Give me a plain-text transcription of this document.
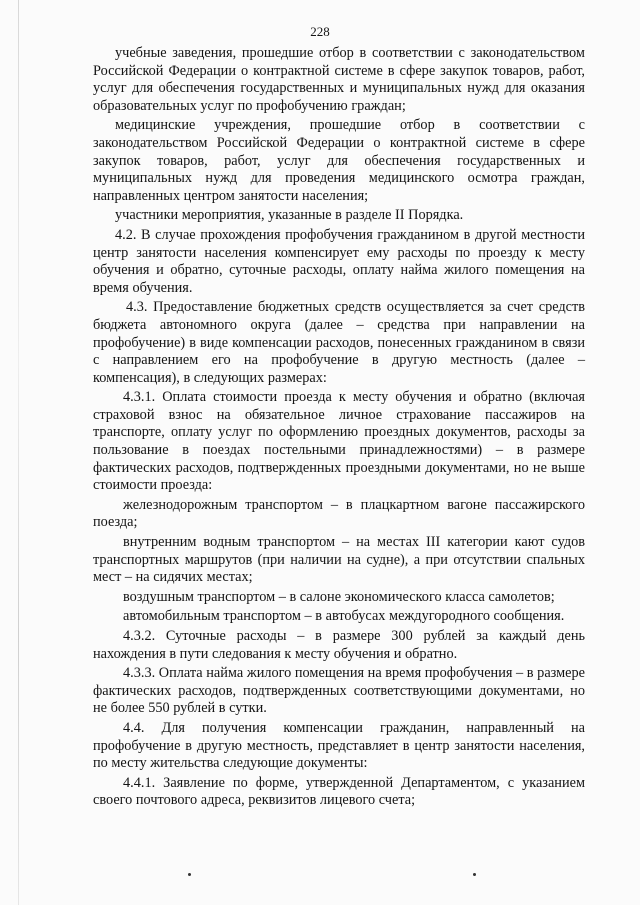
228

учебные заведения, прошедшие отбор в соответствии с законодательством Российской Федерации о контрактной системе в сфере закупок товаров, работ, услуг для обеспечения государственных и муниципальных нужд для оказания образовательных услуг по профобучению граждан;

медицинские учреждения, прошедшие отбор в соответствии с законодательством Российской Федерации о контрактной системе в сфере закупок товаров, работ, услуг для обеспечения государственных и муниципальных нужд для проведения медицинского осмотра граждан, направленных центром занятости населения;

участники мероприятия, указанные в разделе II Порядка.

4.2. В случае прохождения профобучения гражданином в другой местности центр занятости населения компенсирует ему расходы по проезду к месту обучения и обратно, суточные расходы, оплату найма жилого помещения на время обучения.

4.3. Предоставление бюджетных средств осуществляется за счет средств бюджета автономного округа (далее – средства при направлении на профобучение) в виде компенсации расходов, понесенных гражданином в связи с направлением его на профобучение в другую местность (далее – компенсация), в следующих размерах:

4.3.1. Оплата стоимости проезда к месту обучения и обратно (включая страховой взнос на обязательное личное страхование пассажиров на транспорте, оплату услуг по оформлению проездных документов, расходы за пользование в поездах постельными принадлежностями) – в размере фактических расходов, подтвержденных проездными документами, но не выше стоимости проезда:

железнодорожным транспортом – в плацкартном вагоне пассажирского поезда;

внутренним водным транспортом – на местах III категории кают судов транспортных маршрутов (при наличии на судне), а при отсутствии спальных мест – на сидячих местах;

воздушным транспортом – в салоне экономического класса самолетов;

автомобильным транспортом – в автобусах междугородного сообщения.

4.3.2. Суточные расходы – в размере 300 рублей за каждый день нахождения в пути следования к месту обучения и обратно.

4.3.3. Оплата найма жилого помещения на время профобучения – в размере фактических расходов, подтвержденных соответствующими документами, но не более 550 рублей в сутки.

4.4. Для получения компенсации гражданин, направленный на профобучение в другую местность, представляет в центр занятости населения, по месту жительства следующие документы:

4.4.1. Заявление по форме, утвержденной Департаментом, с указанием своего почтового адреса, реквизитов лицевого счета;
